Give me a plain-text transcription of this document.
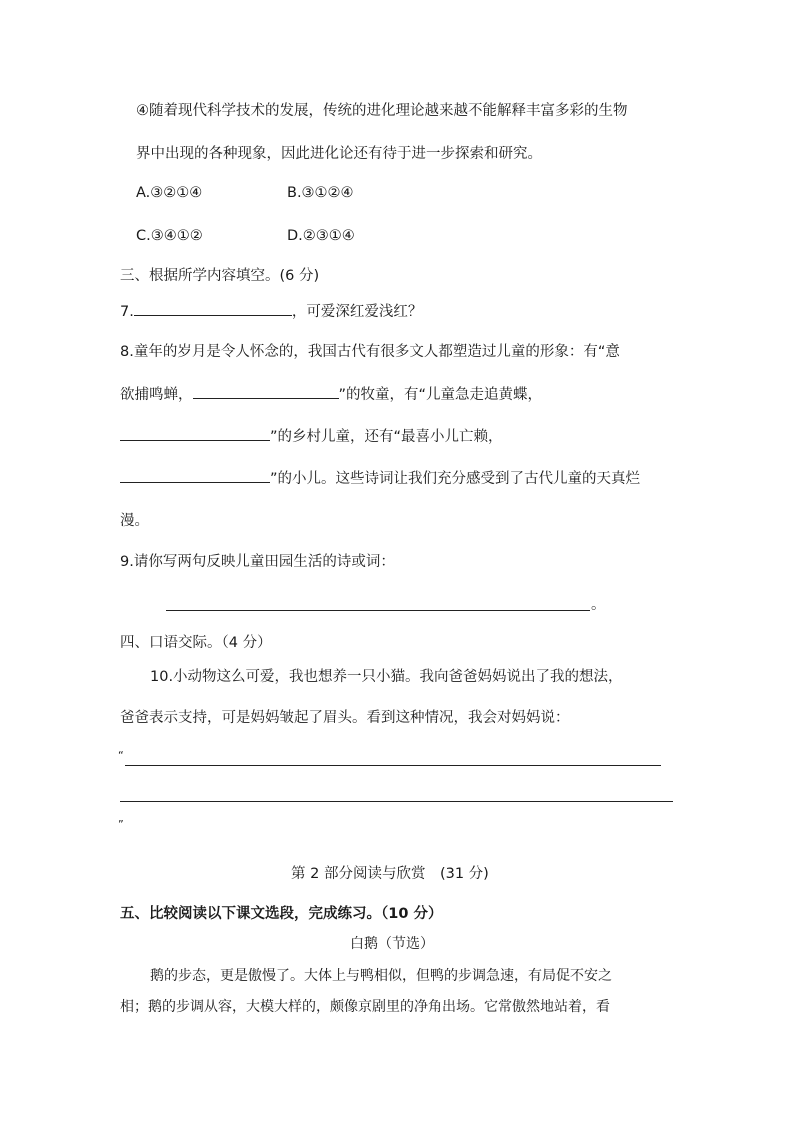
④随着现代科学技术的发展，传统的进化理论越来越不能解释丰富多彩的生物
界中出现的各种现象，因此进化论还有待于进一步探索和研究。
A.③②①④	B.③①②④
C.③④①②	D.②③①④
三、根据所学内容填空。(6 分)
7.	，可爱深红爱浅红？
8.童年的岁月是令人怀念的，我国古代有很多文人都塑造过儿童的形象：有“意
欲捕鸣蝉，	”的牧童，有“儿童急走追黄蝶，
”的乡村儿童，还有“最喜小儿亡赖，
”的小儿。这些诗词让我们充分感受到了古代儿童的天真烂
漫。
9.请你写两句反映儿童田园生活的诗或词：
。
四、口语交际。（4 分）
10.小动物这么可爱，我也想养一只小猫。我向爸爸妈妈说出了我的想法，
爸爸表示支持，可是妈妈皱起了眉头。看到这种情况，我会对妈妈说：
“
”
第 2 部分阅读与欣赏　(31 分)
五、比较阅读以下课文选段，完成练习。（10 分）
白鹅（节选）
鹅的步态，更是傲慢了。大体上与鸭相似，但鸭的步调急速，有局促不安之
相；鹅的步调从容，大模大样的，颇像京剧里的净角出场。它常傲然地站着，看
